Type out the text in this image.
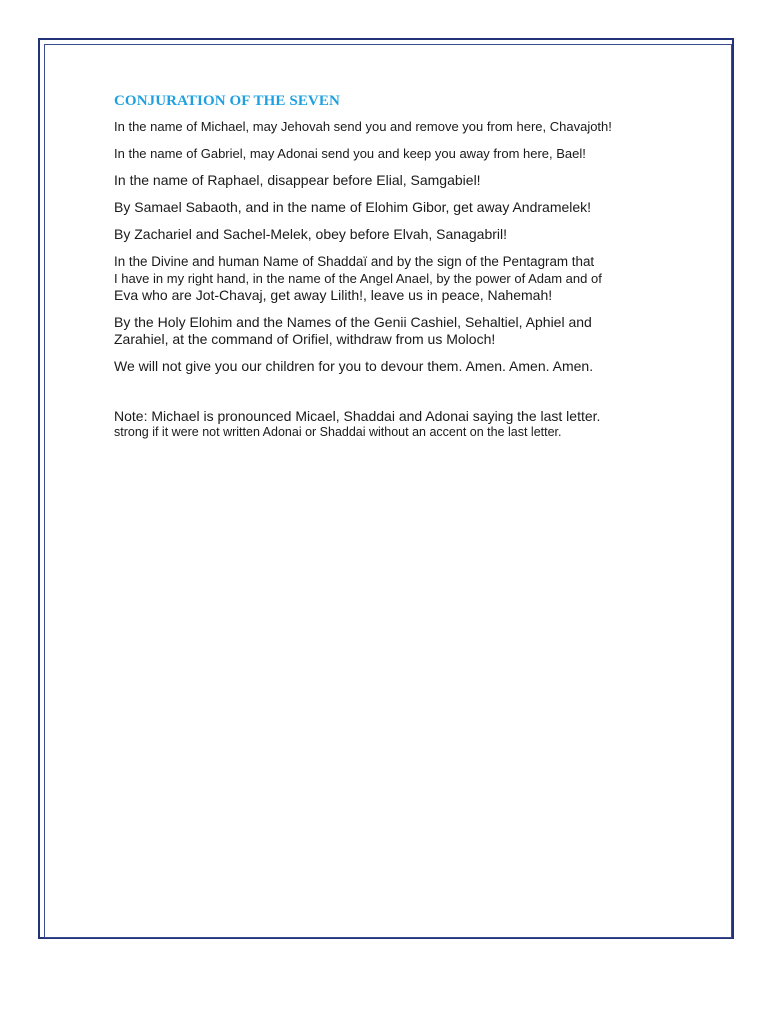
CONJURATION OF THE SEVEN
In the name of Michael, may Jehovah send you and remove you from here, Chavajoth!
In the name of Gabriel, may Adonai send you and keep you away from here, Bael!
In the name of Raphael, disappear before Elial, Samgabiel!
By Samael Sabaoth, and in the name of Elohim Gibor, get away Andramelek!
By Zachariel and Sachel-Melek, obey before Elvah, Sanagabril!
In the Divine and human Name of Shaddaï and by the sign of the Pentagram that
I have in my right hand, in the name of the Angel Anael, by the power of Adam and of
Eva who are Jot-Chavaj, get away Lilith!, leave us in peace, Nahemah!
By the Holy Elohim and the Names of the Genii Cashiel, Sehaltiel, Aphiel and
Zarahiel, at the command of Orifiel, withdraw from us Moloch!
We will not give you our children for you to devour them. Amen. Amen. Amen.
Note: Michael is pronounced Micael, Shaddai and Adonai saying the last letter.
strong if it were not written Adonai or Shaddai without an accent on the last letter.
